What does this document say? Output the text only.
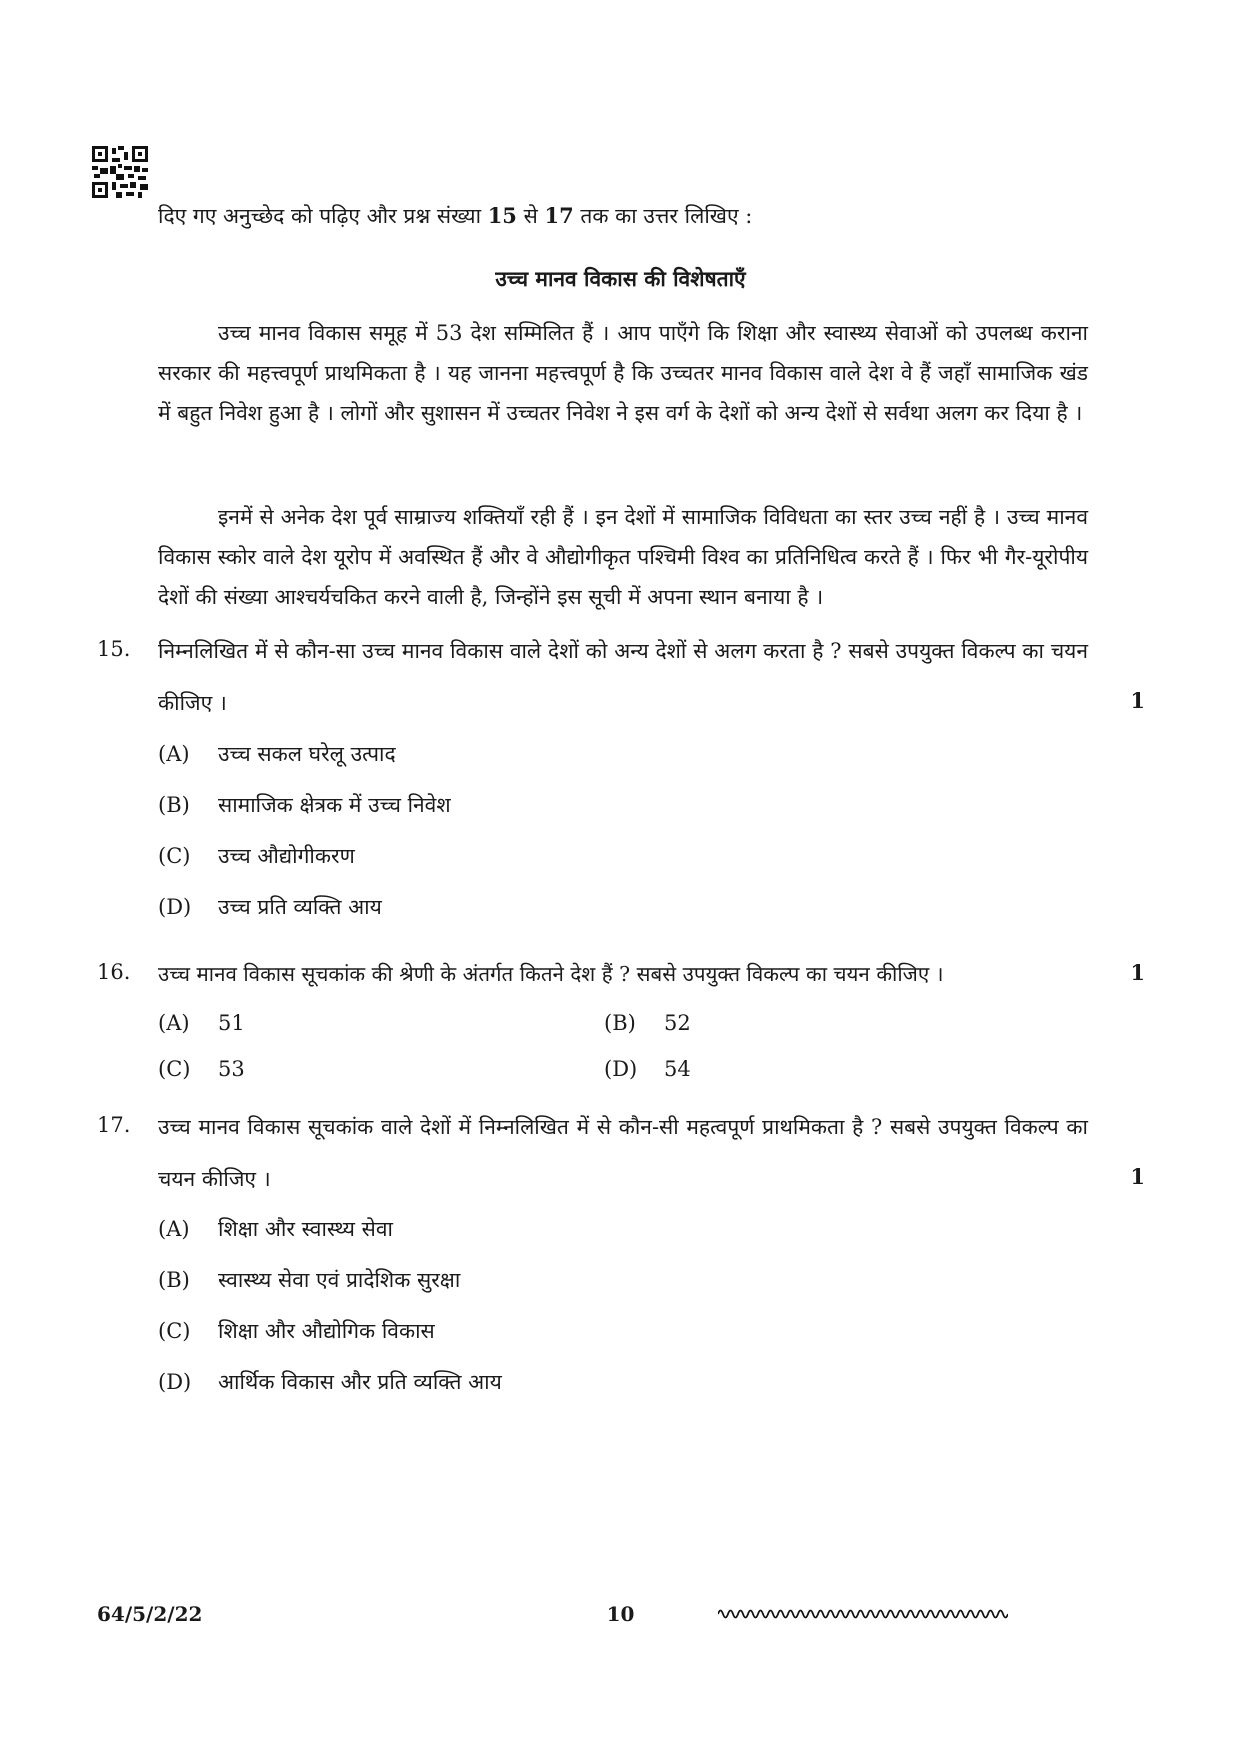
दिए गए अनुच्छेद को पढ़िए और प्रश्न संख्या 15 से 17 तक का उत्तर लिखिए :
उच्च मानव विकास की विशेषताएँ

उच्च मानव विकास समूह में 53 देश सम्मिलित हैं । आप पाएँगे कि शिक्षा और स्वास्थ्य सेवाओं को उपलब्ध कराना सरकार की महत्त्वपूर्ण प्राथमिकता है । यह जानना महत्त्वपूर्ण है कि उच्चतर मानव विकास वाले देश वे हैं जहाँ सामाजिक खंड में बहुत निवेश हुआ है । लोगों और सुशासन में उच्चतर निवेश ने इस वर्ग के देशों को अन्य देशों से सर्वथा अलग कर दिया है ।

इनमें से अनेक देश पूर्व साम्राज्य शक्तियाँ रही हैं । इन देशों में सामाजिक विविधता का स्तर उच्च नहीं है । उच्च मानव विकास स्कोर वाले देश यूरोप में अवस्थित हैं और वे औद्योगीकृत पश्चिमी विश्व का प्रतिनिधित्व करते हैं । फिर भी गैर-यूरोपीय देशों की संख्या आश्चर्यचकित करने वाली है, जिन्होंने इस सूची में अपना स्थान बनाया है ।

15. निम्नलिखित में से कौन-सा उच्च मानव विकास वाले देशों को अन्य देशों से अलग करता है ? सबसे उपयुक्त विकल्प का चयन कीजिए ।	1
(A) उच्च सकल घरेलू उत्पाद
(B) सामाजिक क्षेत्रक में उच्च निवेश
(C) उच्च औद्योगीकरण
(D) उच्च प्रति व्यक्ति आय
16. उच्च मानव विकास सूचकांक की श्रेणी के अंतर्गत कितने देश हैं ? सबसे उपयुक्त विकल्प का चयन कीजिए ।	1
(A) 51	(B) 52
(C) 53	(D) 54
17. उच्च मानव विकास सूचकांक वाले देशों में निम्नलिखित में से कौन-सी महत्वपूर्ण प्राथमिकता है ? सबसे उपयुक्त विकल्प का चयन कीजिए ।	1
(A) शिक्षा और स्वास्थ्य सेवा
(B) स्वास्थ्य सेवा एवं प्रादेशिक सुरक्षा
(C) शिक्षा और औद्योगिक विकास
(D) आर्थिक विकास और प्रति व्यक्ति आय
64/5/2/22	10
